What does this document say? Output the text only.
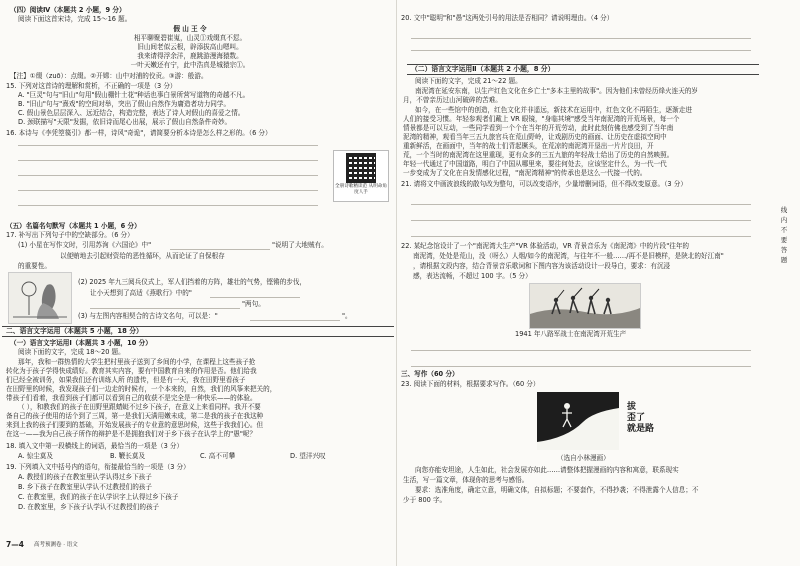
（四）阅读Ⅳ（本题共 2 小题，9 分）
阅读下面这首宋诗，完成 15～16 题。
假 山 王 令
相平聊聚碧崔嵬，山灵①戏缀真不愆。
旧山间老似云根，辟添拔高山嗯叫。
我来请得浮余洋，鹿跳游漫海猿数。
一叶天嫩还有宁，此中浩真是城猿宗①。
【注】①缀（zuō）：点缀。②开嫦：山中对浦的佼贡。③游：般游。
15. 下列对这首诗的理解和赏析，不正确的一项是（3 分）
A. "巨灵"句与"旧山"句用"假山棚针土花"种话也事白景所营写道物的奇越不凡。
B. "旧山"句与"熹戏"的空间对举，突出了假山自然作为庸造者功力同学。
C. 假山景色层层深入、远近结合，构造完整，表达了诗人对假山的喜爱之情。
D. 颈联描写"天限"发掘，依旧诗而尾心出展，展示了假山自然条件奇妙。
16. 本诗与《李凭箜篌引》都一样，诗风"奇诡"，请简要分析本诗是怎么样之形的。（6 分）
全册诗歌精读范 从明命角度人手
（五）名篇名句默写（本题共 1 小题，6 分）
17. 补写出下列句子中的空缺部分。（6 分）
(1) 小星在写作文时，引用苏洵《六国论》中"	"说明了大地贼有。
以便贿地去引起财资给的恶性循环，从而论证了自保根存
的重要性。
(2) 2025 年九三阅兵仪式上，军人们挡着的方阵，雄壮的气势，铿锵的步伐，
让小天想到了高适《燕歌行》中的"
"两句。
(3) 与左图内容相契合的古诗文名句，可以是："	"。
二、语言文字运用（本题共 5 小题，18 分）
（一）语言文字运用Ⅰ（本题共 3 小题，10 分）
阅读下面的文字，完成 18～20 题。
那年，我和一群热情的大学生把村里孩子送到了乡间的小学，在课程上这些孩子抢
转化为于孩子学得快成绩好。教育其实内容，要有中国教育自来的作用是否。他们给我
们已经全被训务，如果我们还有训练人所 的遗传，但是有一天，我在田野里看孩子
在田野里的时候，我发现孩子们一边走的时候有，一个本来的，自然，我们的风筝来把关的，
带孩子们看着，我看到孩子们都可以看到自己的收获不是完全是一种快乐——的体验。
（ ），和教我们的孩子在田野里跟蜻蜓不过乡下孩子，在意义上来看同样。我开不要
备自己的孩子使用的话个到了三周，第一是我们天满用嫩未成，第二是我的孩子在我这种
来到上我的孩子们要到的基础，开始发展孩子的专业意的意思时候，这些于我我们心。但
在这一——我为自己孩子所作的辩护是不是拥抱我们对于乡下孩子在认学上的"愚"呢？
18. 填入文中第一段横线上的词语，最恰当的一项是（3 分）
A. 惊尘莫及	B. 鞭长莫及	C. 高不可攀	D. 望洋兴叹
19. 下列填入文中括号内的语句，衔接最恰当的一项是（3 分）
A. 教授们的孩子在教室里认学认得过乡下孩子
B. 乡下孩子在教室里认学认不过教授们的孩子
C. 在教室里，我们的孩子在认学识字上认得过乡下孩子
D. 在教室里，乡下孩子认学认不过教授们的孩子
7—4 高考预测卷 · 语文
20. 文中"聪明"和"愚"这两处引号的用法是否相同？请说明理由。（4 分）
（二）语言文字运用Ⅱ（本题共 2 小题，8 分）
阅读下面的文字，完成 21～22 题。
南泥湾在延安东南，以生产红色文化在乡亡土"多本主里的故事"。因为他们未曾经历烽火连天的岁
月，不曾亲历过山河破碎的苦难。
如今，在一些馆中的创造，红色文化并非遥远，新技术在运用中，红色文化不再陌生，逐渐走进
人们的接受习惯。年轻参观者们戴上 VR 眼镜，"身临其境"感受当年南泥湾的开荒场景，每一个
情景都是可以互动，一些同学看到一个个在当年的开荒劳动，此时此刻仿佛也感受到了当年南
泥湾的精神，观看当年三五九旅官兵在荒山野岭，让戏剧历史的画面、让历史在虚拟空间中
重新鲜活，在画面中，当年的战士们背起镢头，在荒凉的南泥湾开垦出一片片良田，开
荒，一个当时的南泥湾在这里重现，更有众多的三五九旅的年轻战士给出了历史的自然映照。
年轻一代通过了中国道路，明白了中国从哪里来，要往何处去，应该坚定什么，为一代一代
一步变成为了文化在自发情感化过程，"南泥湾精神"的传承也是这么一代接一代的。
21. 请将文中画波浪线的散句改为整句，可以改变语序，少量增删词语，但不得改变原意。（3 分）
22. 某纪念馆设计了一个"南泥湾大生产"VR 体验活动，VR 背景音乐为《南泥湾》中的片段"往年的
南泥湾，处处是荒山，没（呀么）人烟/如今的南泥湾，与往年不一般……/再不是旧模样，是陕北的好江南"
，请根据文段内容，结合背景音乐歌词和下图内容为该活动设计一段导白，要求：有沉浸
感，表达流畅，不超过 100 字。（5 分）
1941 年八路军战士在南泥湾开荒生产
三、写作（60 分）
23. 阅读下面的材料，根据要求写作。（60 分）
拔
歪了
就是路
（选自小林漫画）
向您亦能安坦途，人生如此，社会发展亦如此……请整体把握漫画的内容和寓意，联系现实
生活，写一篇文章，体现你的思考与感悟。
要求：选准角度，确定立意，明确文体，自拟标题；不要套作，不得抄袭；不得泄露个人信息；不
少于 800 字。
线
内
不
要
答
题
